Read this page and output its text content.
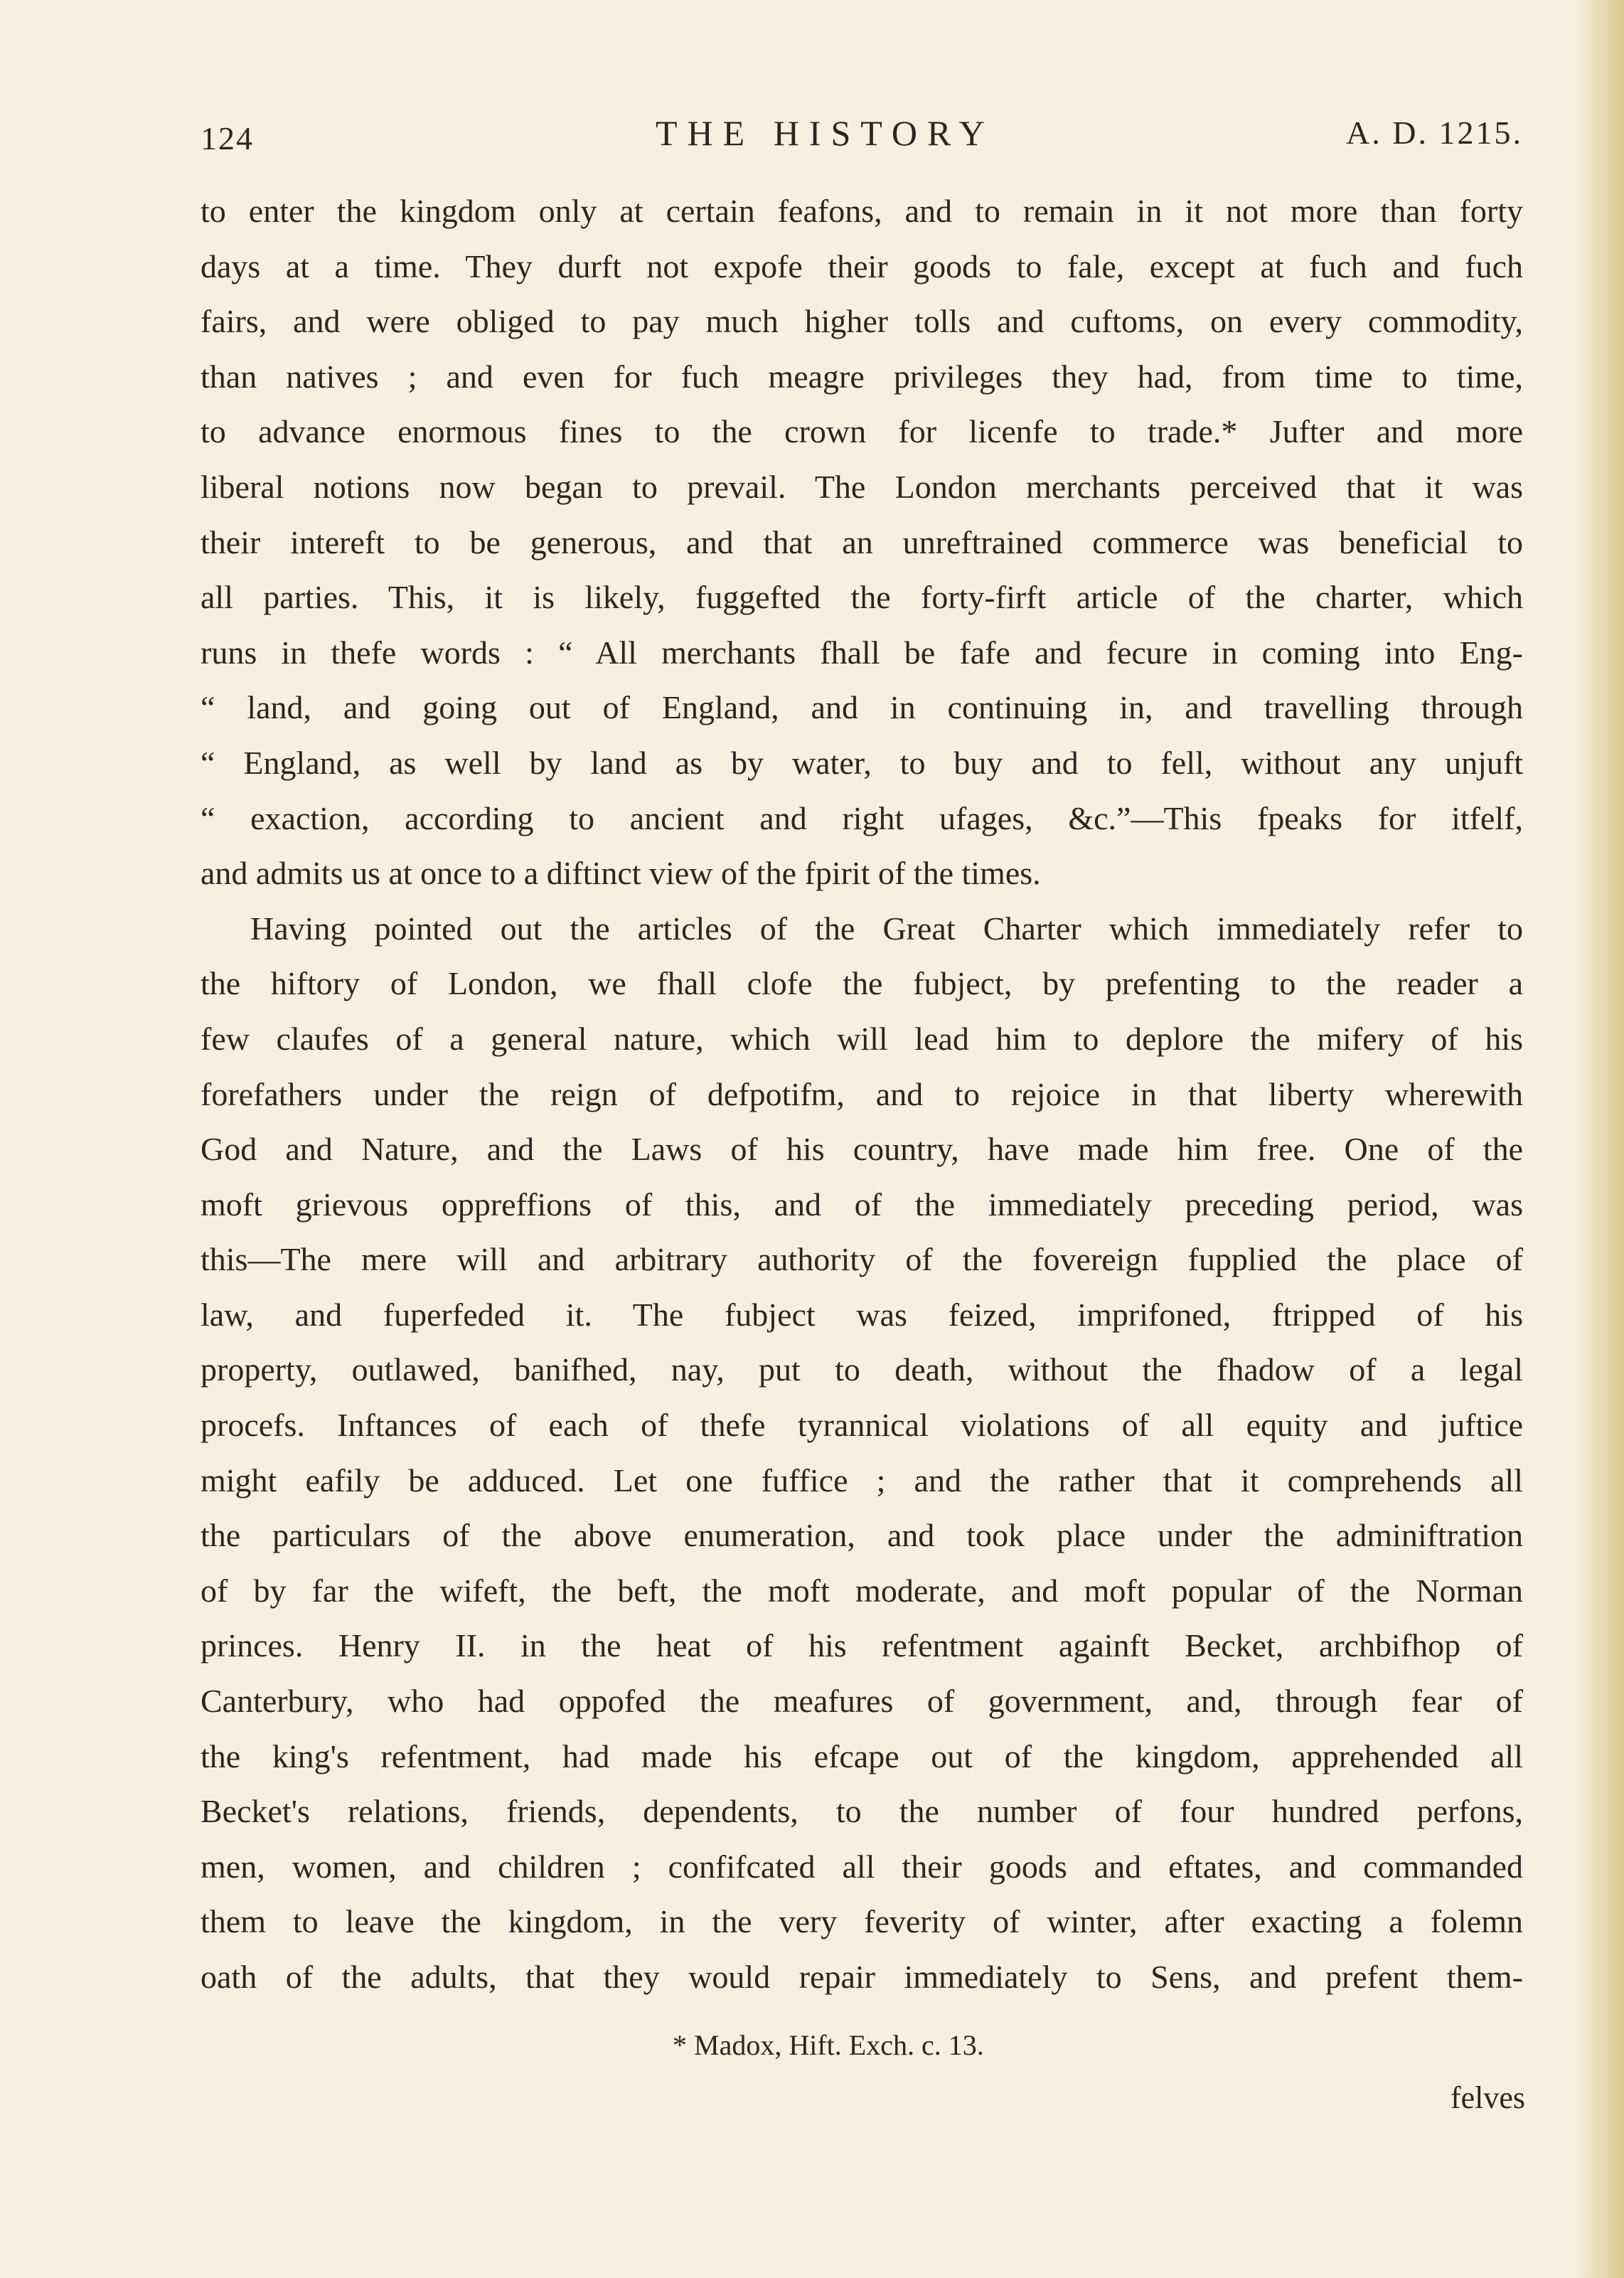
124	THE HISTORY	A. D. 1215.
to enter the kingdom only at certain feafons, and to remain in it not more than forty
days at a time. They durft not expofe their goods to fale, except at fuch and fuch
fairs, and were obliged to pay much higher tolls and cuftoms, on every commodity,
than natives ; and even for fuch meagre privileges they had, from time to time,
to advance enormous fines to the crown for licenfe to trade.* Jufter and more
liberal notions now began to prevail. The London merchants perceived that it was
their intereft to be generous, and that an unreftrained commerce was beneficial to
all parties. This, it is likely, fuggefted the forty-firft article of the charter, which
runs in thefe words : “ All merchants fhall be fafe and fecure in coming into Eng-
“ land, and going out of England, and in continuing in, and travelling through
“ England, as well by land as by water, to buy and to fell, without any unjuft
“ exaction, according to ancient and right ufages, &c.”—This fpeaks for itfelf,
and admits us at once to a diftinct view of the fpirit of the times.
Having pointed out the articles of the Great Charter which immediately refer to
the hiftory of London, we fhall clofe the fubject, by prefenting to the reader a
few claufes of a general nature, which will lead him to deplore the mifery of his
forefathers under the reign of defpotifm, and to rejoice in that liberty wherewith
God and Nature, and the Laws of his country, have made him free. One of the
moft grievous oppreffions of this, and of the immediately preceding period, was
this—The mere will and arbitrary authority of the fovereign fupplied the place of
law, and fuperfeded it. The fubject was feized, imprifoned, ftripped of his
property, outlawed, banifhed, nay, put to death, without the fhadow of a legal
procefs. Inftances of each of thefe tyrannical violations of all equity and juftice
might eafily be adduced. Let one fuffice ; and the rather that it comprehends all
the particulars of the above enumeration, and took place under the adminiftration
of by far the wifeft, the beft, the moft moderate, and moft popular of the Norman
princes. Henry II. in the heat of his refentment againft Becket, archbifhop of
Canterbury, who had oppofed the meafures of government, and, through fear of
the king's refentment, had made his efcape out of the kingdom, apprehended all
Becket's relations, friends, dependents, to the number of four hundred perfons,
men, women, and children ; confifcated all their goods and eftates, and commanded
them to leave the kingdom, in the very feverity of winter, after exacting a folemn
oath of the adults, that they would repair immediately to Sens, and prefent them-
* Madox, Hift. Exch. c. 13.
felves
